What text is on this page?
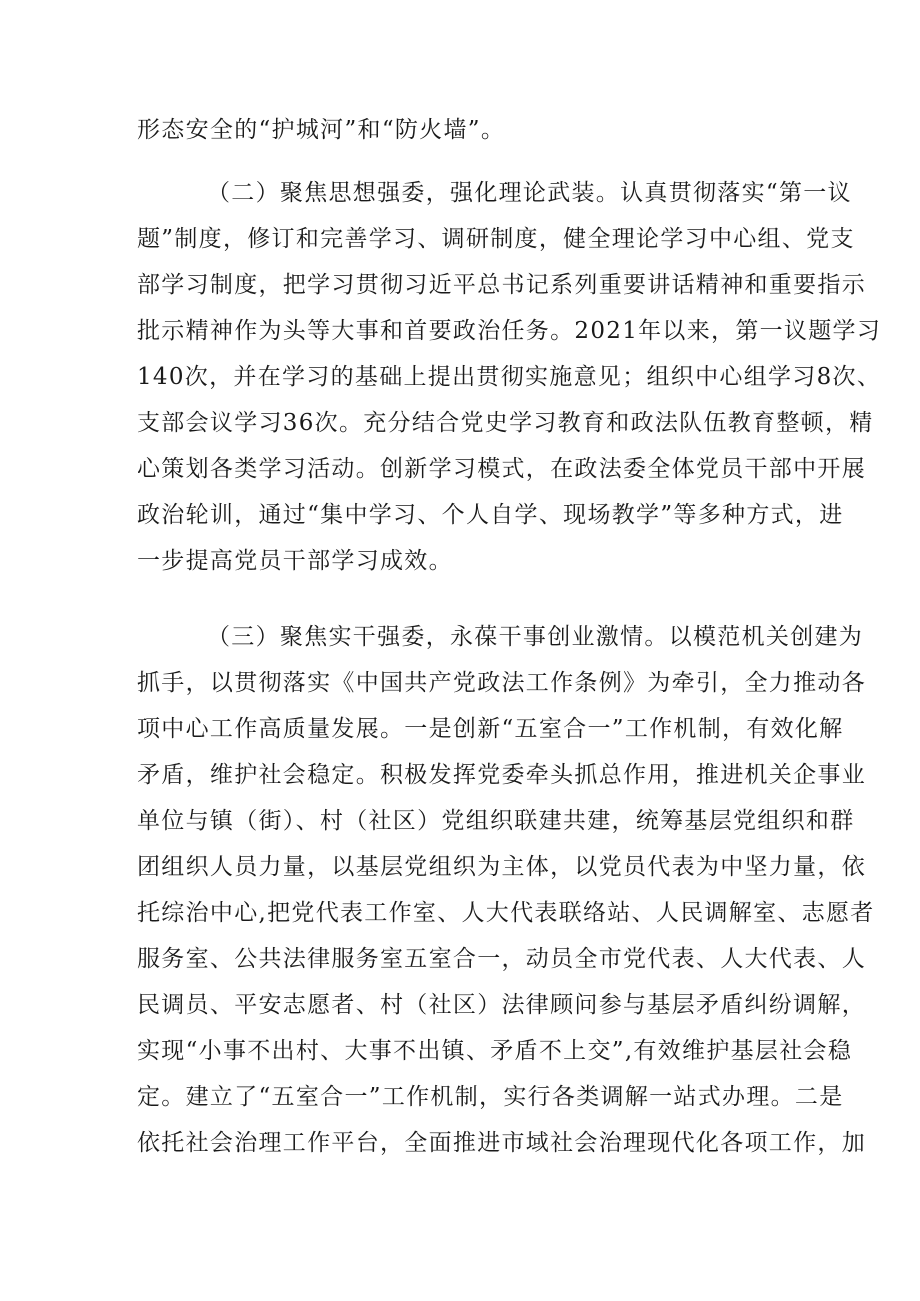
形态安全的“护城河”和“防火墙”。
（二）聚焦思想强委，强化理论武装。认真贯彻落实“第一议
题”制度，修订和完善学习、调研制度，健全理论学习中心组、党支
部学习制度，把学习贯彻习近平总书记系列重要讲话精神和重要指示
批示精神作为头等大事和首要政治任务。2021年以来，第一议题学习
140次，并在学习的基础上提出贯彻实施意见；组织中心组学习8次、
支部会议学习36次。充分结合党史学习教育和政法队伍教育整顿，精
心策划各类学习活动。创新学习模式，在政法委全体党员干部中开展
政治轮训，通过“集中学习、个人自学、现场教学”等多种方式，进
一步提高党员干部学习成效。
（三）聚焦实干强委，永葆干事创业激情。以模范机关创建为
抓手，以贯彻落实《中国共产党政法工作条例》为牵引，全力推动各
项中心工作高质量发展。一是创新“五室合一”工作机制，有效化解
矛盾，维护社会稳定。积极发挥党委牵头抓总作用，推进机关企事业
单位与镇（街）、村（社区）党组织联建共建，统筹基层党组织和群
团组织人员力量，以基层党组织为主体，以党员代表为中坚力量，依
托综治中心,把党代表工作室、人大代表联络站、人民调解室、志愿者
服务室、公共法律服务室五室合一，动员全市党代表、人大代表、人
民调员、平安志愿者、村（社区）法律顾问参与基层矛盾纠纷调解，
实现“小事不出村、大事不出镇、矛盾不上交”,有效维护基层社会稳
定。建立了“五室合一”工作机制，实行各类调解一站式办理。二是
依托社会治理工作平台，全面推进市域社会治理现代化各项工作，加
